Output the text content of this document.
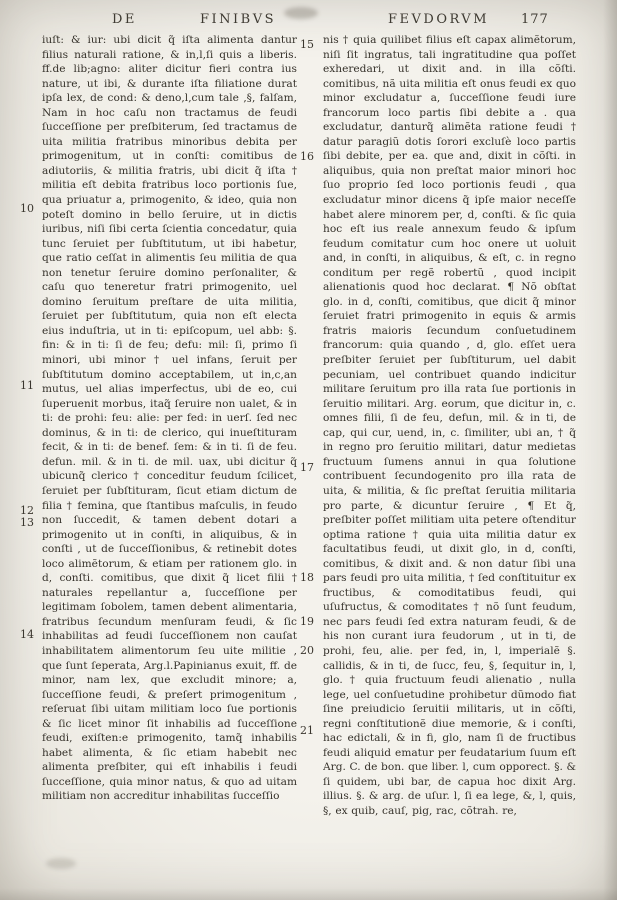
DE	FINIBVS	FEVDORVM 177
10
11
12
13
14
15
16
17
18
19
20
21
iuſt: & iur: ubi dicit q̃ iſta alimenta dantur filius naturali ratione, & in,l,ſi quis a liberis. ff.de lib;agno: aliter dicitur fieri contra ius nature, ut ibi, & durante iſta filiatione durat ipſa lex, de cond: & deno,l,cum tale ,§, falſam, Nam in hoc caſu non tractamus de feudi ſucceſſione per preſbiterum, ſed tractamus de uita militia fratribus minoribus debita per primogenitum, ut in conſti: comitibus de adiutoriis, & militia fratris, ubi dicit q̃ iſta † militia eſt debita fratribus loco portionis ſue, qua priuatur a, primogenito, & ideo, quia non poteſt domino in bello ſeruire, ut in dictis iuribus, niſi ſibi certa ſcientia concedatur, quia tunc ſeruiet per ſubſtitutum, ut ibi habetur, que ratio ceſſat in alimentis ſeu militia de qua non tenetur ſeruire domino perſonaliter, & caſu quo teneretur fratri primogenito, uel domino ſeruitum preſtare de uita militia, ſeruiet per ſubſtitutum, quia non eſt electa eius induſtria, ut in ti: epiſcopum, uel abb: §. fin: & in ti: ſi de feu; defu: mil: ſi, primo ſi minori, ubi minor † uel infans, ſeruit per ſubſtitutum domino acceptabilem, ut in,c,an mutus, uel alias imperfectus, ubi de eo, cui ſuperuenit morbus, itaq̃ ſeruire non ualet, & in ti: de prohi: feu: alie: per fed: in uerſ. ſed nec dominus, & in ti: de clerico, qui inueſtituram fecit, & in ti: de benef. ſem: & in ti. ſi de feu. defun. mil. & in ti. de mil. uax, ubi dicitur q̃ ubicunq̃ clerico † conceditur feudum ſcilicet, ſeruiet per ſubſtituram, ſicut etiam dictum de filia † femina, que ſtantibus maſculis, in feudo non ſuccedit, & tamen debent dotari a primogenito ut in conſti, in aliquibus, & in conſti , ut de ſucceſſionibus, & retinebit dotes loco alimẽtorum, & etiam per rationem glo. in d, conſti. comitibus, que dixit q̃ licet filii † naturales repellantur a, ſucceſſione per legitimam ſobolem, tamen debent alimentaria, fratribus ſecundum menſuram feudi, & ſic inhabilitas ad feudi ſucceſſionem non cauſat inhabilitatem alimentorum ſeu uite militie , que ſunt ſeperata, Arg.l.Papinianus exuit, ff. de minor, nam lex, que excludit minore; a, ſucceſſione feudi, & preſert primogenitum , reſeruat ſibi uitam militiam loco ſue portionis & ſic licet minor ſit inhabilis ad ſucceſſione feudi, exiſten:e primogenito, tamq̃ inhabilis habet alimenta, & ſic etiam habebit nec alimenta preſbiter, qui eſt inhabilis i feudi ſucceſſione, quia minor natus, & quo ad uitam militiam non accreditur inhabilitas ſucceſſio
nis † quia quilibet filius eſt capax alimẽtorum, niſi ſit ingratus, tali ingratitudine qua poſſet exheredari, ut dixit and. in illa cõſti. comitibus, nã uita militia eſt onus feudi ex quo minor excludatur a, ſucceſſione feudi iure francorum loco partis ſibi debite a . qua excludatur, danturq̃ alimẽta ratione feudi † datur paragiũ dotis ſorori excluſè loco partis ſibi debite, per ea. que and, dixit in cõſti. in aliquibus, quia non preſtat maior minori hoc ſuo proprio ſed loco portionis feudi , qua excludatur minor dicens q̃ ipſe maior neceſſe habet alere minorem per, d, conſti. & ſic quia hoc eſt ius reale annexum feudo & ipſum feudum comitatur cum hoc onere ut uoluit and, in conſti, in aliquibus, & eſt, c. in regno conditum per regẽ robertũ , quod incipit alienationis quod hoc declarat. ¶ Nõ obſtat glo. in d, conſti, comitibus, que dicit q̃ minor ſeruiet fratri primogenito in equis & armis fratris maioris ſecundum conſuetudinem francorum: quia quando , d, glo. eſſet uera preſbiter ſeruiet per ſubſtiturum, uel dabit pecuniam, uel contribuet quando indicitur militare ſeruitum pro illa rata ſue portionis in ſeruitio militari. Arg. eorum, que dicitur in, c. omnes filii, ſi de feu, defun, mil. & in ti, de cap, qui cur, uend, in, c. ſimiliter, ubi an, † q̃ in regno pro ſeruitio militari, datur medietas fructuum ſumens annui in qua ſolutione contribuent ſecundogenito pro illa rata de uita, & militia, & ſic preſtat ſeruitia militaria pro parte, & dicuntur ſeruire , ¶ Et q̃, preſbiter poſſet militiam uita petere oſtenditur optima ratione † quia uita militia datur ex facultatibus feudi, ut dixit glo, in d, conſti, comitibus, & dixit and. & non datur ſibi una pars feudi pro uita militia, † ſed conſtituitur ex fructibus, & comoditatibus feudi, qui uſufructus, & comoditates † nõ ſunt feudum, nec pars feudi ſed extra naturam feudi, & de his non curant iura feudorum , ut in ti, de prohi, feu, alie. per fed, in, l, imperialẽ §. callidis, & in ti, de ſucc, feu, §, ſequitur in, l, glo. † quia fructuum feudi alienatio , nulla lege, uel conſuetudine prohibetur dũmodo fiat ſine preiudicio ſeruitii militaris, ut in cõſti, regni conſtitutionẽ diue memorie, & i conſti, hac edictali, & in fi, glo, nam ſi de fructibus feudi aliquid ematur per feudatarium ſuum eſt Arg. C. de bon. que liber. l, cum opporect. §. & ſi quidem, ubi bar, de capua hoc dixit Arg. illius. §. & arg. de uſur. l, ſi ea lege, &, l, quis, §, ex quib, cauſ, pig, rac, cõtrah. re,
